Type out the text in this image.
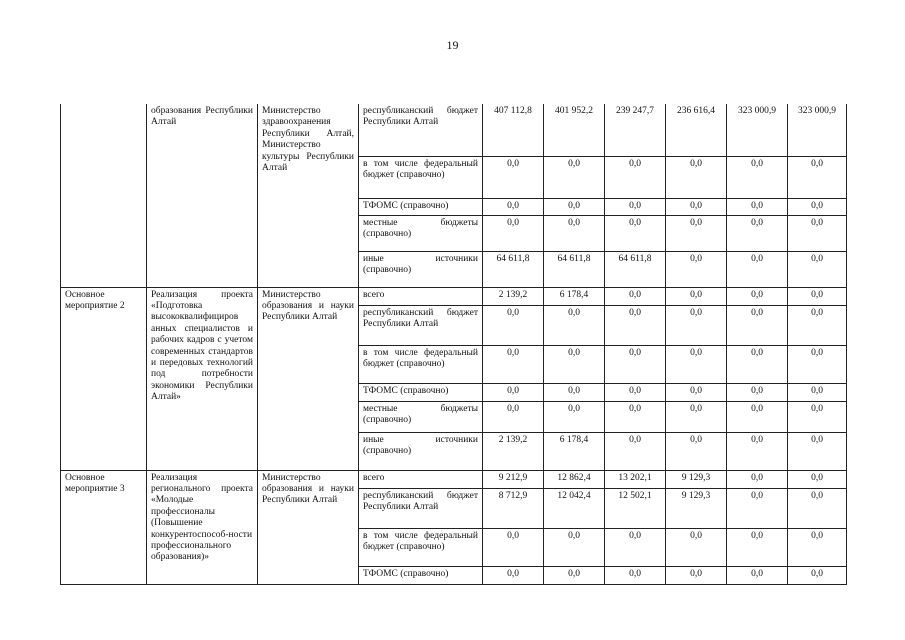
19
	образования Республики Алтай	Министерство здравоохранения Республики Алтай, Министерство культуры Республики Алтай	республиканский бюджет Республики Алтай	407 112,8	401 952,2	239 247,7	236 616,4	323 000,9	323 000,9
			в том числе федеральный бюджет (справочно)	0,0	0,0	0,0	0,0	0,0	0,0
			ТФОМС (справочно)	0,0	0,0	0,0	0,0	0,0	0,0
			местные бюджеты (справочно)	0,0	0,0	0,0	0,0	0,0	0,0
			иные источники (справочно)	64 611,8	64 611,8	64 611,8	0,0	0,0	0,0
Основное мероприятие 2	Реализация проекта «Подготовка высококвалифициров анных специалистов и рабочих кадров с учетом современных стандартов и передовых технологий под потребности экономики Республики Алтай»	Министерство образования и науки Республики Алтай	всего	2 139,2	6 178,4	0,0	0,0	0,0	0,0
			республиканский бюджет Республики Алтай	0,0	0,0	0,0	0,0	0,0	0,0
			в том числе федеральный бюджет (справочно)	0,0	0,0	0,0	0,0	0,0	0,0
			ТФОМС (справочно)	0,0	0,0	0,0	0,0	0,0	0,0
			местные бюджеты (справочно)	0,0	0,0	0,0	0,0	0,0	0,0
			иные источники (справочно)	2 139,2	6 178,4	0,0	0,0	0,0	0,0
Основное мероприятие 3	Реализация регионального проекта «Молодые профессионалы (Повышение конкурентоспособ-ности профессионального образования)»	Министерство образования и науки Республики Алтай	всего	9 212,9	12 862,4	13 202,1	9 129,3	0,0	0,0
			республиканский бюджет Республики Алтай	8 712,9	12 042,4	12 502,1	9 129,3	0,0	0,0
			в том числе федеральный бюджет (справочно)	0,0	0,0	0,0	0,0	0,0	0,0
			ТФОМС (справочно)	0,0	0,0	0,0	0,0	0,0	0,0
